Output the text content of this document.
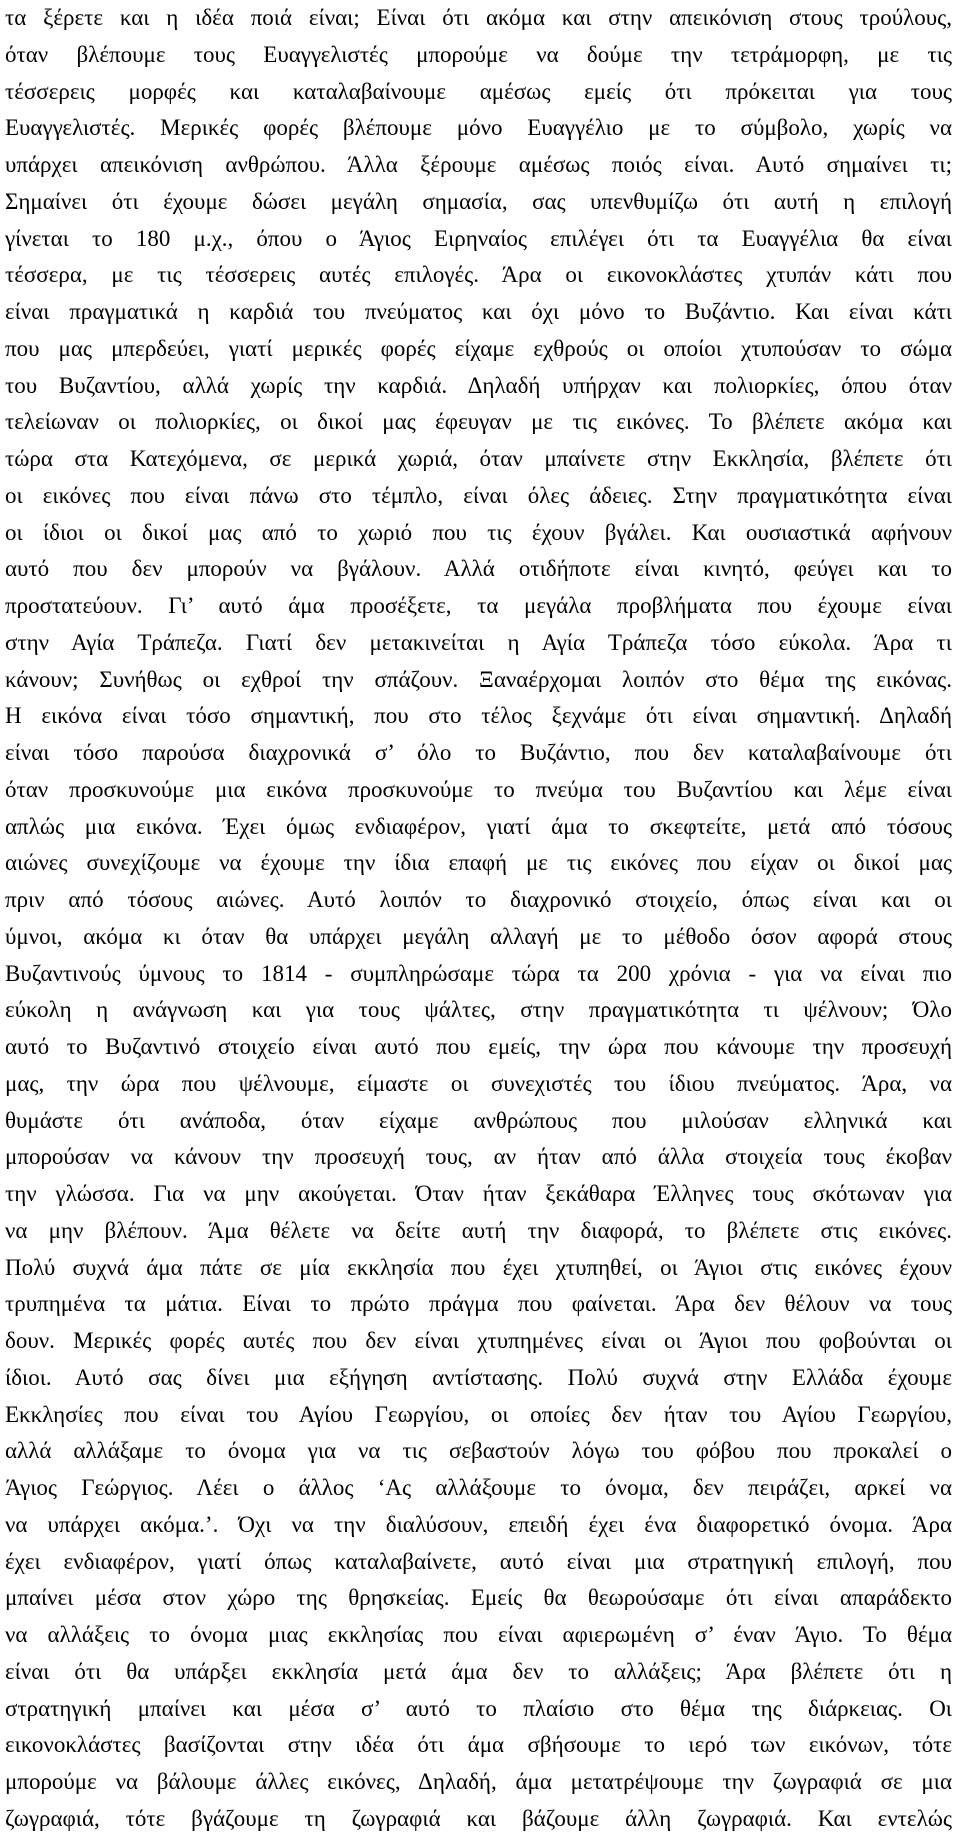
τα ξέρετε και η ιδέα ποιά είναι; Είναι ότι ακόμα και στην απεικόνιση στους τρούλους,
όταν βλέπουμε τους Ευαγγελιστές μπορούμε να δούμε την τετράμορφη, με τις
τέσσερεις μορφές και καταλαβαίνουμε αμέσως εμείς ότι πρόκειται για τους
Ευαγγελιστές. Μερικές φορές βλέπουμε μόνο Ευαγγέλιο με το σύμβολο, χωρίς να
υπάρχει απεικόνιση ανθρώπου. Άλλα ξέρουμε αμέσως ποιός είναι. Αυτό σημαίνει τι;
Σημαίνει ότι έχουμε δώσει μεγάλη σημασία, σας υπενθυμίζω ότι αυτή η επιλογή
γίνεται το 180 μ.χ., όπου ο Άγιος Ειρηναίος επιλέγει ότι τα Ευαγγέλια θα είναι
τέσσερα, με τις τέσσερεις αυτές επιλογές. Άρα οι εικονοκλάστες χτυπάν κάτι που
είναι πραγματικά η καρδιά του πνεύματος και όχι μόνο το Βυζάντιο. Και είναι κάτι
που μας μπερδεύει, γιατί μερικές φορές είχαμε εχθρούς οι οποίοι χτυπούσαν το σώμα
του Βυζαντίου, αλλά χωρίς την καρδιά. Δηλαδή υπήρχαν και πολιορκίες, όπου όταν
τελείωναν οι πολιορκίες, οι δικοί μας έφευγαν με τις εικόνες. Το βλέπετε ακόμα και
τώρα στα Κατεχόμενα, σε μερικά χωριά, όταν μπαίνετε στην Εκκλησία, βλέπετε ότι
οι εικόνες που είναι πάνω στο τέμπλο, είναι όλες άδειες. Στην πραγματικότητα είναι
οι ίδιοι οι δικοί μας από το χωριό που τις έχουν βγάλει. Και ουσιαστικά αφήνουν
αυτό που δεν μπορούν να βγάλουν. Αλλά οτιδήποτε είναι κινητό, φεύγει και το
προστατεύουν. Γι’ αυτό άμα προσέξετε, τα μεγάλα προβλήματα που έχουμε είναι
στην Αγία Τράπεζα. Γιατί δεν μετακινείται η Αγία Τράπεζα τόσο εύκολα. Άρα τι
κάνουν; Συνήθως οι εχθροί την σπάζουν. Ξαναέρχομαι λοιπόν στο θέμα της εικόνας.
Η εικόνα είναι τόσο σημαντική, που στο τέλος ξεχνάμε ότι είναι σημαντική. Δηλαδή
είναι τόσο παρούσα διαχρονικά σ’ όλο το Βυζάντιο, που δεν καταλαβαίνουμε ότι
όταν προσκυνούμε μια εικόνα προσκυνούμε το πνεύμα του Βυζαντίου και λέμε είναι
απλώς μια εικόνα. Έχει όμως ενδιαφέρον, γιατί άμα το σκεφτείτε, μετά από τόσους
αιώνες συνεχίζουμε να έχουμε την ίδια επαφή με τις εικόνες που είχαν οι δικοί μας
πριν από τόσους αιώνες. Αυτό λοιπόν το διαχρονικό στοιχείο, όπως είναι και οι
ύμνοι, ακόμα κι όταν θα υπάρχει μεγάλη αλλαγή με το μέθοδο όσον αφορά στους
Βυζαντινούς ύμνους το 1814 - συμπληρώσαμε τώρα τα 200 χρόνια - για να είναι πιο
εύκολη η ανάγνωση και για τους ψάλτες, στην πραγματικότητα τι ψέλνουν; Όλο
αυτό το Βυζαντινό στοιχείο είναι αυτό που εμείς, την ώρα που κάνουμε την προσευχή
μας, την ώρα που ψέλνουμε, είμαστε οι συνεχιστές του ίδιου πνεύματος. Άρα, να
θυμάστε ότι ανάποδα, όταν είχαμε ανθρώπους που μιλούσαν ελληνικά και
μπορούσαν να κάνουν την προσευχή τους, αν ήταν από άλλα στοιχεία τους έκοβαν
την γλώσσα. Για να μην ακούγεται. Όταν ήταν ξεκάθαρα Έλληνες τους σκότωναν για
να μην βλέπουν. Άμα θέλετε να δείτε αυτή την διαφορά, το βλέπετε στις εικόνες.
Πολύ συχνά άμα πάτε σε μία εκκλησία που έχει χτυπηθεί, οι Άγιοι στις εικόνες έχουν
τρυπημένα τα μάτια. Είναι το πρώτο πράγμα που φαίνεται. Άρα δεν θέλουν να τους
δουν. Μερικές φορές αυτές που δεν είναι χτυπημένες είναι οι Άγιοι που φοβούνται οι
ίδιοι. Αυτό σας δίνει μια εξήγηση αντίστασης. Πολύ συχνά στην Ελλάδα έχουμε
Εκκλησίες που είναι του Αγίου Γεωργίου, οι οποίες δεν ήταν του Αγίου Γεωργίου,
αλλά αλλάξαμε το όνομα για να τις σεβαστούν λόγω του φόβου που προκαλεί ο
Άγιος Γεώργιος. Λέει ο άλλος ‘Ας αλλάξουμε το όνομα, δεν πειράζει, αρκεί να
να υπάρχει ακόμα.’. Όχι να την διαλύσουν, επειδή έχει ένα διαφορετικό όνομα. Άρα
έχει ενδιαφέρον, γιατί όπως καταλαβαίνετε, αυτό είναι μια στρατηγική επιλογή, που
μπαίνει μέσα στον χώρο της θρησκείας. Εμείς θα θεωρούσαμε ότι είναι απαράδεκτο
να αλλάξεις το όνομα μιας εκκλησίας που είναι αφιερωμένη σ’ έναν Άγιο. Το θέμα
είναι ότι θα υπάρξει εκκλησία μετά άμα δεν το αλλάξεις; Άρα βλέπετε ότι η
στρατηγική μπαίνει και μέσα σ’ αυτό το πλαίσιο στο θέμα της διάρκειας. Οι
εικονοκλάστες βασίζονται στην ιδέα ότι άμα σβήσουμε το ιερό των εικόνων, τότε
μπορούμε να βάλουμε άλλες εικόνες, Δηλαδή, άμα μετατρέψουμε την ζωγραφιά σε μια
ζωγραφιά, τότε βγάζουμε τη ζωγραφιά και βάζουμε άλλη ζωγραφιά. Και εντελώς
